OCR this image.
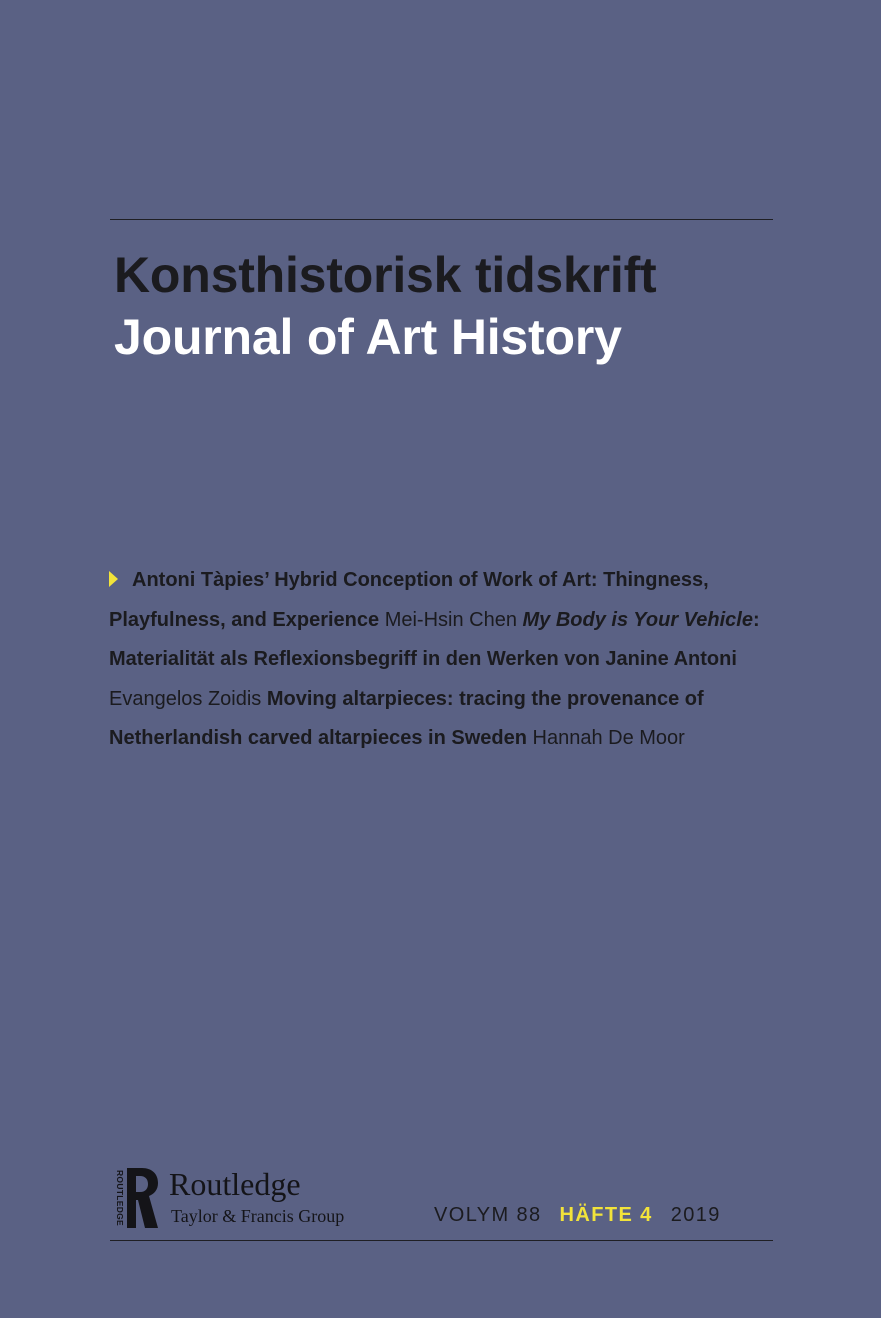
Konsthistorisk tidskrift
Journal of Art History
Antoni Tàpies’ Hybrid Conception of Work of Art: Thingness, Playfulness, and Experience Mei-Hsin Chen My Body is Your Vehicle: Materialität als Reflexionsbegriff in den Werken von Janine Antoni Evangelos Zoidis Moving altarpieces: tracing the provenance of Netherlandish carved altarpieces in Sweden Hannah De Moor
ROUTLEDGE Routledge
Taylor & Francis Group	VOLYM 88 HÄFTE 4 2019
